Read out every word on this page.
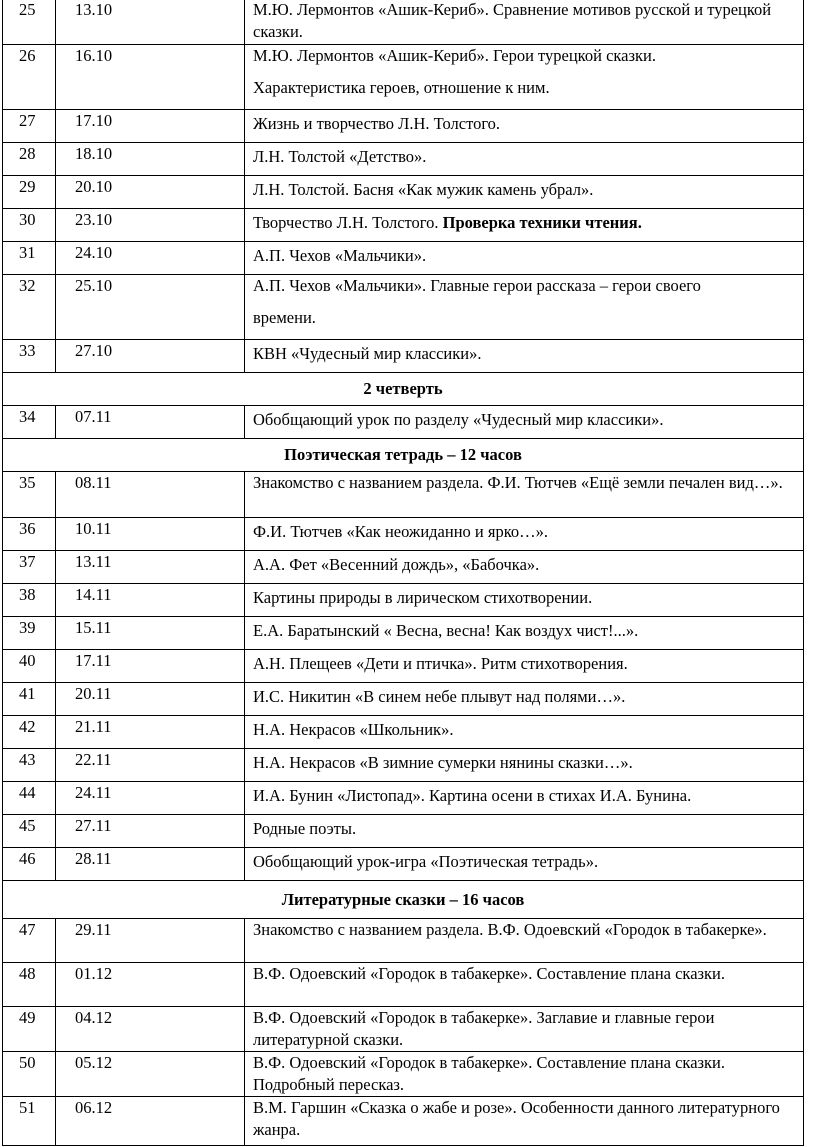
25	13.10	М.Ю. Лермонтов «Ашик-Кериб». Сравнение мотивов русской и турецкой сказки.
26	16.10	М.Ю. Лермонтов «Ашик-Кериб». Герои турецкой сказки.
Характеристика героев, отношение к ним.

27	17.10	Жизнь и творчество Л.Н. Толстого.
28	18.10	Л.Н. Толстой «Детство».
29	20.10	Л.Н. Толстой. Басня «Как мужик камень убрал».
30	23.10	Творчество Л.Н. Толстого. Проверка техники чтения.
31	24.10	А.П. Чехов «Мальчики».
32	25.10	А.П. Чехов «Мальчики». Главные герои рассказа – герои своего
времени.

33	27.10	КВН «Чудесный мир классики».
2 четверть		
34	07.11	Обобщающий урок по разделу «Чудесный мир классики».
Поэтическая тетрадь – 12 часов		
35	08.11	Знакомство с названием раздела. Ф.И. Тютчев «Ещё земли печален вид…».
36	10.11	Ф.И. Тютчев «Как неожиданно и ярко…».
37	13.11	А.А. Фет «Весенний дождь», «Бабочка».
38	14.11	Картины природы в лирическом стихотворении.
39	15.11	Е.А. Баратынский « Весна, весна! Как воздух чист!...».
40	17.11	А.Н. Плещеев «Дети и птичка». Ритм стихотворения.
41	20.11	И.С. Никитин «В синем небе плывут над полями…».
42	21.11	Н.А. Некрасов «Школьник».
43	22.11	Н.А. Некрасов «В зимние сумерки нянины сказки…».
44	24.11	И.А. Бунин «Листопад». Картина осени в стихах И.А. Бунина.
45	27.11	Родные поэты.
46	28.11	Обобщающий урок-игра «Поэтическая тетрадь».
Литературные сказки – 16 часов		
47	29.11	Знакомство с названием раздела. В.Ф. Одоевский «Городок в табакерке».
48	01.12	В.Ф. Одоевский «Городок в табакерке». Составление плана сказки.
49	04.12	В.Ф. Одоевский «Городок в табакерке». Заглавие и главные герои литературной сказки.
50	05.12	В.Ф. Одоевский «Городок в табакерке». Составление плана сказки. Подробный пересказ.
51	06.12	В.М. Гаршин «Сказка о жабе и розе». Особенности данного литературного жанра.
